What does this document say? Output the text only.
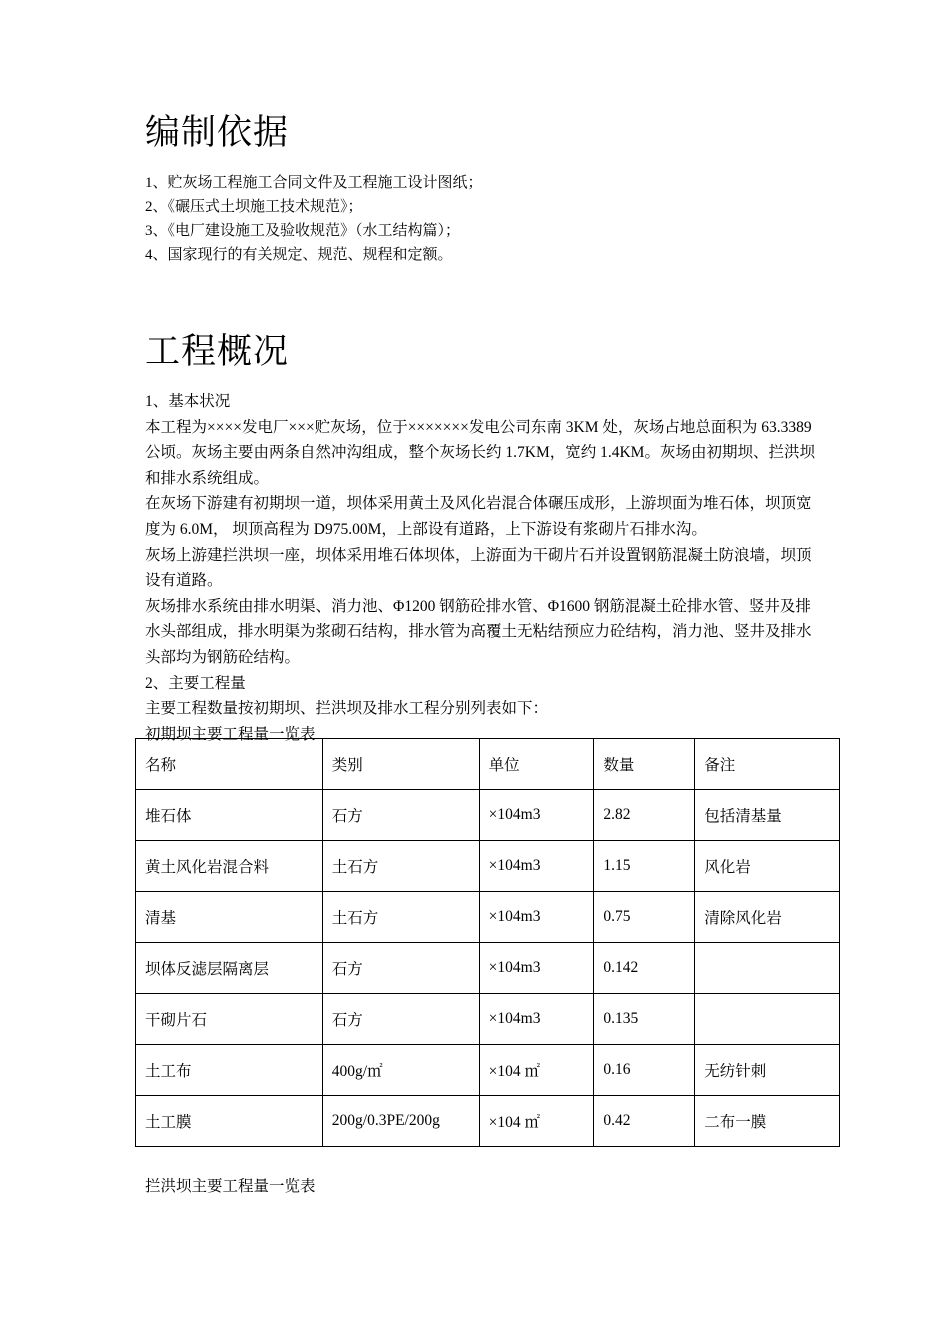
编制依据
1、贮灰场工程施工合同文件及工程施工设计图纸；
2、《碾压式土坝施工技术规范》；
3、《电厂建设施工及验收规范》（水工结构篇）；
4、国家现行的有关规定、规范、规程和定额。
工程概况

1、基本状况

本工程为××××发电厂×××贮灰场，位于×××××××发电公司东南 3KM 处，灰场占地总面积为 63.3389 公顷。灰场主要由两条自然冲沟组成，整个灰场长约 1.7KM，宽约 1.4KM。灰场由初期坝、拦洪坝和排水系统组成。

在灰场下游建有初期坝一道，坝体采用黄土及风化岩混合体碾压成形，上游坝面为堆石体，坝顶宽度为 6.0M， 坝顶高程为 D975.00M，上部设有道路，上下游设有浆砌片石排水沟。

灰场上游建拦洪坝一座，坝体采用堆石体坝体，上游面为干砌片石并设置钢筋混凝土防浪墙，坝顶设有道路。

灰场排水系统由排水明渠、消力池、Φ1200 钢筋砼排水管、Φ1600 钢筋混凝土砼排水管、竖井及排水头部组成，排水明渠为浆砌石结构，排水管为高覆土无粘结预应力砼结构，消力池、竖井及排水头部均为钢筋砼结构。

2、主要工程量

主要工程数量按初期坝、拦洪坝及排水工程分别列表如下：

初期坝主要工程量一览表

名称	类别	单位	数量	备注
堆石体	石方	×104m3	2.82	包括清基量
黄土风化岩混合料	土石方	×104m3	1.15	风化岩
清基	土石方	×104m3	0.75	清除风化岩
坝体反滤层隔离层	石方	×104m3	0.142	
干砌片石	石方	×104m3	0.135	
土工布	400g/㎡	×104 ㎡	0.16	无纺针刺
土工膜	200g/0.3PE/200g	×104 ㎡	0.42	二布一膜
拦洪坝主要工程量一览表
